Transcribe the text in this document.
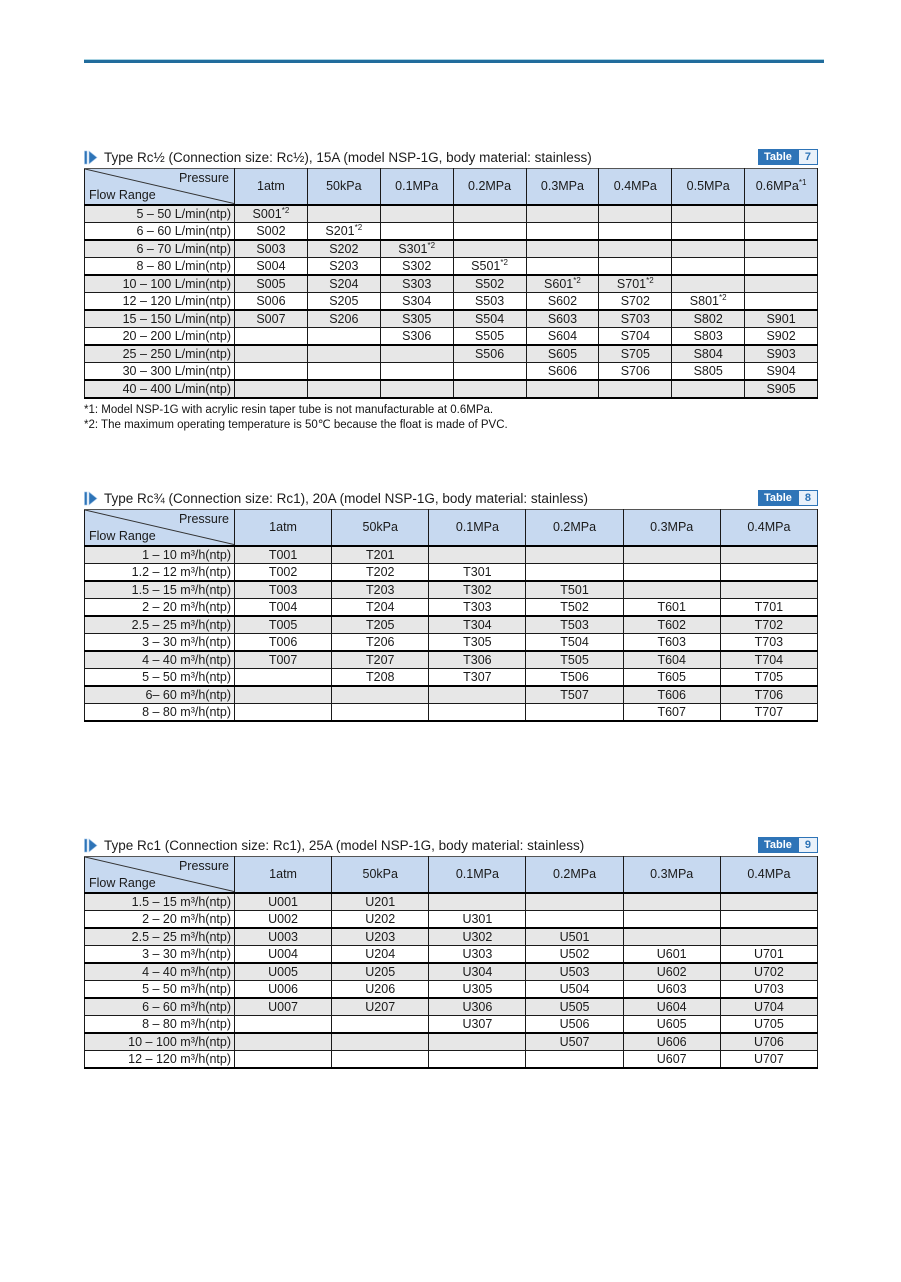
Type Rc½ (Connection size: Rc½), 15A (model NSP-1G, body material: stainless)	Table	7
Pressure
Flow Range	1atm	50kPa	0.1MPa	0.2MPa	0.3MPa	0.4MPa	0.5MPa	0.6MPa$^{*1}$
5 – 50 L/min(ntp)	S001$^{*2}$							
6 – 60 L/min(ntp)	S002	S201$^{*2}$						
6 – 70 L/min(ntp)	S003	S202	S301$^{*2}$					
8 – 80 L/min(ntp)	S004	S203	S302	S501$^{*2}$				
10 – 100 L/min(ntp)	S005	S204	S303	S502	S601$^{*2}$	S701$^{*2}$		
12 – 120 L/min(ntp)	S006	S205	S304	S503	S602	S702	S801$^{*2}$	
15 – 150 L/min(ntp)	S007	S206	S305	S504	S603	S703	S802	S901
20 – 200 L/min(ntp)			S306	S505	S604	S704	S803	S902
25 – 250 L/min(ntp)				S506	S605	S705	S804	S903
30 – 300 L/min(ntp)					S606	S706	S805	S904
40 – 400 L/min(ntp)								S905
*1: Model NSP-1G with acrylic resin taper tube is not manufacturable at 0.6MPa.
*2: The maximum operating temperature is 50℃ because the float is made of PVC.
Type Rc¾ (Connection size: Rc1), 20A (model NSP-1G, body material: stainless)	Table	8
Pressure
Flow Range	1atm	50kPa	0.1MPa	0.2MPa	0.3MPa	0.4MPa
1 – 10 m³/h(ntp)	T001	T201				
1.2 – 12 m³/h(ntp)	T002	T202	T301			
1.5 – 15 m³/h(ntp)	T003	T203	T302	T501		
2 – 20 m³/h(ntp)	T004	T204	T303	T502	T601	T701
2.5 – 25 m³/h(ntp)	T005	T205	T304	T503	T602	T702
3 – 30 m³/h(ntp)	T006	T206	T305	T504	T603	T703
4 – 40 m³/h(ntp)	T007	T207	T306	T505	T604	T704
5 – 50 m³/h(ntp)		T208	T307	T506	T605	T705
6– 60 m³/h(ntp)				T507	T606	T706
8 – 80 m³/h(ntp)					T607	T707
Type Rc1 (Connection size: Rc1), 25A (model NSP-1G, body material: stainless)	Table	9
Pressure
Flow Range	1atm	50kPa	0.1MPa	0.2MPa	0.3MPa	0.4MPa
1.5 – 15 m³/h(ntp)	U001	U201				
2 – 20 m³/h(ntp)	U002	U202	U301			
2.5 – 25 m³/h(ntp)	U003	U203	U302	U501		
3 – 30 m³/h(ntp)	U004	U204	U303	U502	U601	U701
4 – 40 m³/h(ntp)	U005	U205	U304	U503	U602	U702
5 – 50 m³/h(ntp)	U006	U206	U305	U504	U603	U703
6 – 60 m³/h(ntp)	U007	U207	U306	U505	U604	U704
8 – 80 m³/h(ntp)			U307	U506	U605	U705
10 – 100 m³/h(ntp)				U507	U606	U706
12 – 120 m³/h(ntp)					U607	U707
